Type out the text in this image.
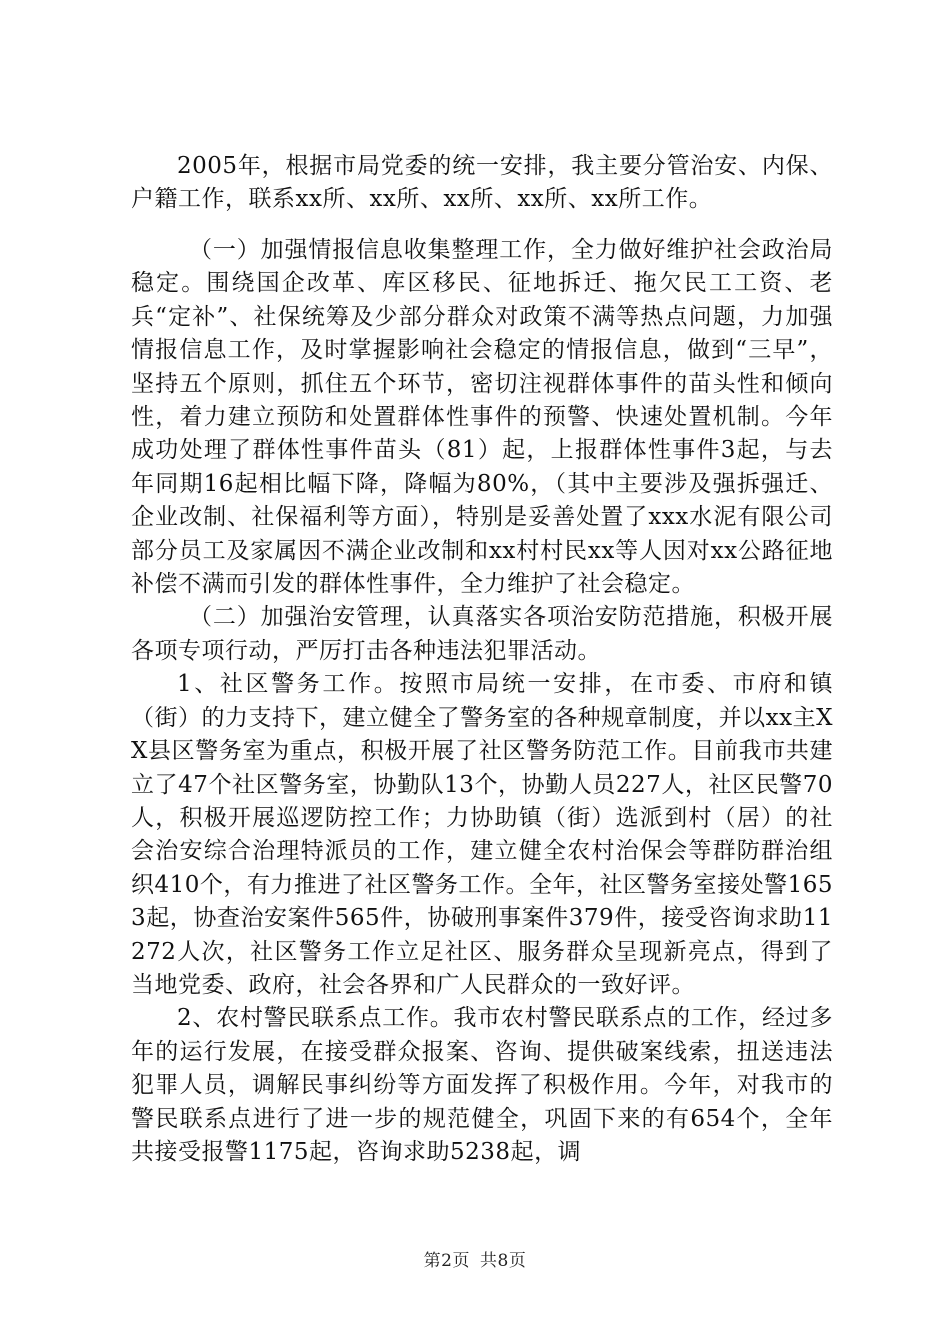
2005年，根据市局党委的统一安排，我主要分管治安、内保、户籍工作，联系xx所、xx所、xx所、xx所、xx所工作。

（一）加强情报信息收集整理工作，全力做好维护社会政治局稳定。围绕国企改革、库区移民、征地拆迁、拖欠民工工资、老兵“定补”、社保统筹及少部分群众对政策不满等热点问题，力加强情报信息工作，及时掌握影响社会稳定的情报信息，做到“三早”，坚持五个原则，抓住五个环节，密切注视群体事件的苗头性和倾向性，着力建立预防和处置群体性事件的预警、快速处置机制。今年成功处理了群体性事件苗头（81）起，上报群体性事件3起，与去年同期16起相比幅下降，降幅为80%，（其中主要涉及强拆强迁、企业改制、社保福利等方面），特别是妥善处置了xxx水泥有限公司部分员工及家属因不满企业改制和xx村村民xx等人因对xx公路征地补偿不满而引发的群体性事件，全力维护了社会稳定。

（二）加强治安管理，认真落实各项治安防范措施，积极开展各项专项行动，严厉打击各种违法犯罪活动。

1、社区警务工作。按照市局统一安排，在市委、市府和镇（街）的力支持下，建立健全了警务室的各种规章制度，并以xx主XX县区警务室为重点，积极开展了社区警务防范工作。目前我市共建立了47个社区警务室，协勤队13个，协勤人员227人，社区民警70人，积极开展巡逻防控工作；力协助镇（街）选派到村（居）的社会治安综合治理特派员的工作，建立健全农村治保会等群防群治组织410个，有力推进了社区警务工作。全年，社区警务室接处警1653起，协查治安案件565件，协破刑事案件379件，接受咨询求助11272人次，社区警务工作立足社区、服务群众呈现新亮点，得到了当地党委、政府，社会各界和广人民群众的一致好评。

2、农村警民联系点工作。我市农村警民联系点的工作，经过多年的运行发展，在接受群众报案、咨询、提供破案线索，扭送违法犯罪人员，调解民事纠纷等方面发挥了积极作用。今年，对我市的警民联系点进行了进一步的规范健全，巩固下来的有654个，全年共接受报警1175起，咨询求助5238起，调

第2页 共8页
